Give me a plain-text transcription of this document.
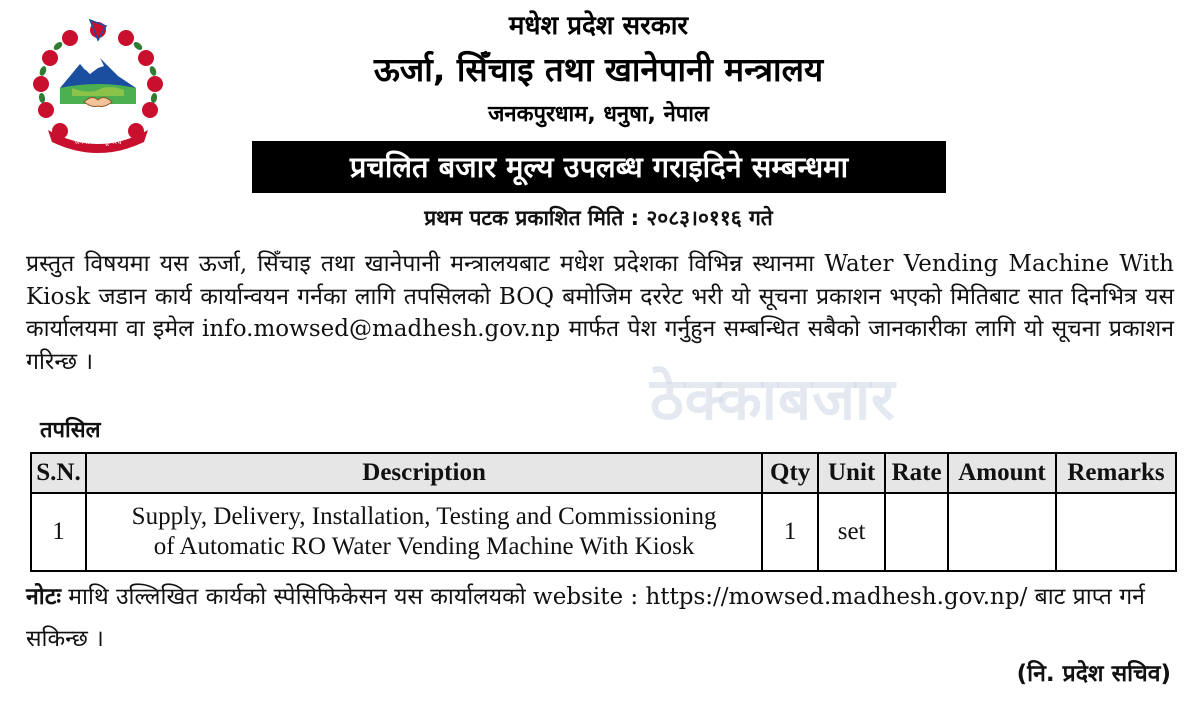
जननी जन्मभूमिश्च
मधेश प्रदेश सरकार
ऊर्जा, सिँचाइ तथा खानेपानी मन्त्रालय
जनकपुरधाम, धनुषा, नेपाल
प्रचलित बजार मूल्य उपलब्ध गराइदिने सम्बन्धमा
प्रथम पटक प्रकाशित मिति : २०८३।०११६ गते
प्रस्तुत विषयमा यस ऊर्जा, सिँचाइ तथा खानेपानी मन्त्रालयबाट मधेश प्रदेशका विभिन्न स्थानमा Water Vending Machine With Kiosk जडान कार्य कार्यान्वयन गर्नका लागि तपसिलको BOQ बमोजिम दररेट भरी यो सूचना प्रकाशन भएको मितिबाट सात दिनभित्र यस कार्यालयमा वा इमेल info.mowsed@madhesh.gov.np मार्फत पेश गर्नुहुन सम्बन्धित सबैको जानकारीका लागि यो सूचना प्रकाशन गरिन्छ ।
ठेक्काबजार
तपसिल
S.N.	Description	Qty	Unit	Rate	Amount	Remarks
1	Supply, Delivery, Installation, Testing and Commissioning
of Automatic RO Water Vending Machine With Kiosk	1	set			
नोटः माथि उल्लिखित कार्यको स्पेसिफिकेसन यस कार्यालयको website : https://mowsed.madhesh.gov.np/ बाट प्राप्त गर्न सकिन्छ ।
(नि. प्रदेश सचिव)
